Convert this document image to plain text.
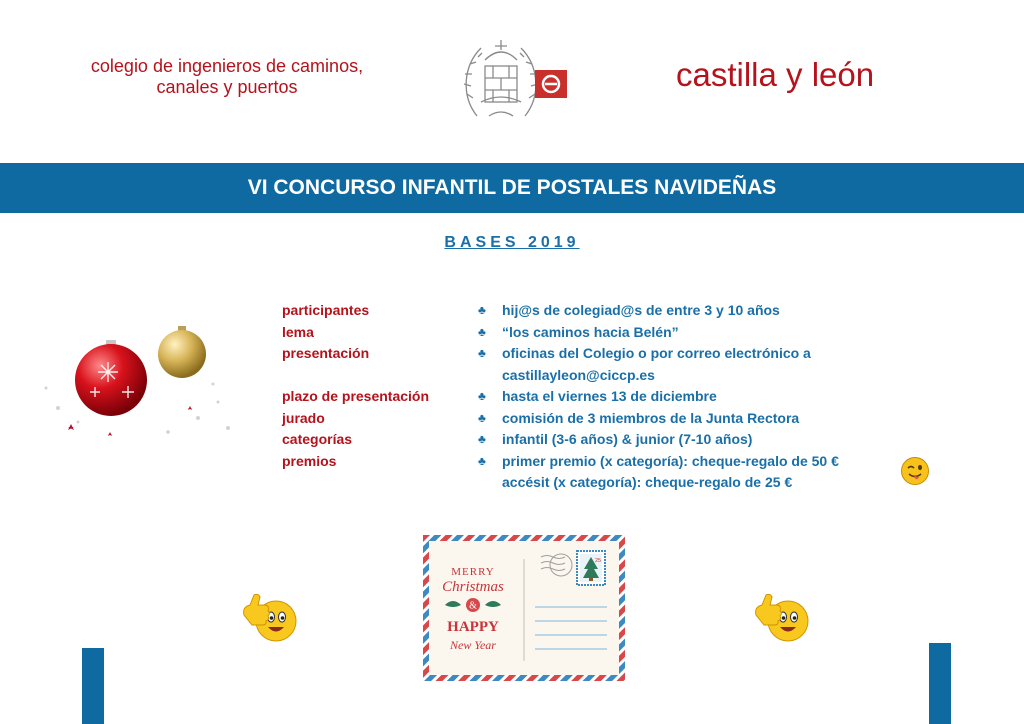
colegio de ingenieros de caminos,
canales y puertos	castilla y león
VI CONCURSO INFANTIL DE POSTALES NAVIDEÑAS
BASES 2019
participantes
lema
presentación
plazo de presentación
jurado
categorías
premios
♣
♣
♣
♣
♣
♣
♣
hij@s de colegiad@s de entre 3 y 10 años
“los caminos hacia Belén”
oficinas del Colegio o por correo electrónico a
castillayleon@ciccp.es
hasta el viernes 13 de diciembre
comisión de 3 miembros de la Junta Rectora
infantil (3-6 años) & junior (7-10 años)
primer premio (x categoría): cheque-regalo de 50 €
accésit (x categoría): cheque-regalo de 25 €
MERRY
Christmas
&
HAPPY
New Year
25
